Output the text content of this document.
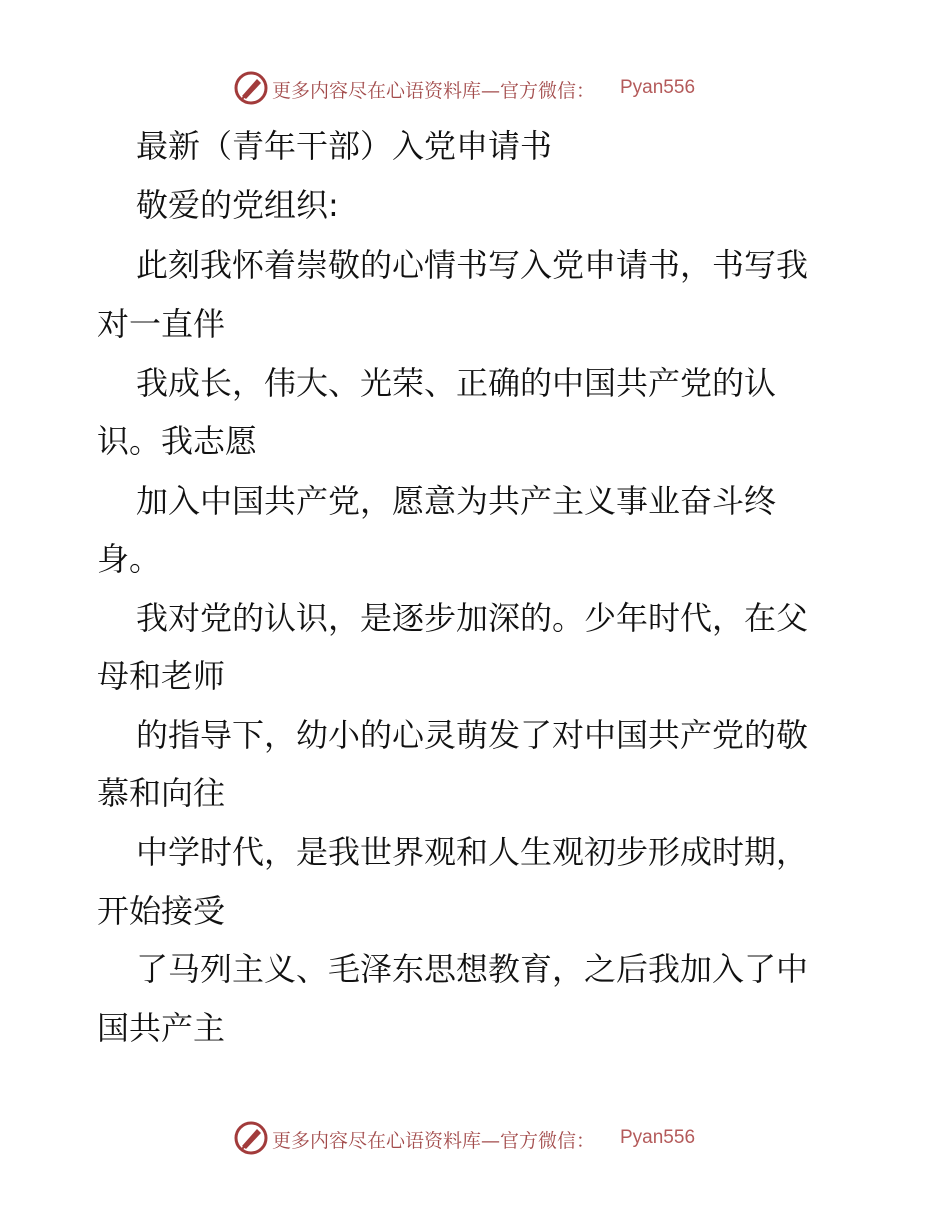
更多内容尽在心语资料库—官方微信： Pyan556

最新（青年干部）入党申请书

敬爱的党组织:

此刻我怀着崇敬的心情书写入党申请书，书写我

对一直伴

我成长，伟大、光荣、正确的中国共产党的认

识。我志愿

加入中国共产党，愿意为共产主义事业奋斗终

身。

我对党的认识，是逐步加深的。少年时代，在父

母和老师

的指导下，幼小的心灵萌发了对中国共产党的敬

慕和向往

中学时代，是我世界观和人生观初步形成时期，

开始接受

了马列主义、毛泽东思想教育，之后我加入了中

国共产主

更多内容尽在心语资料库—官方微信： Pyan556
